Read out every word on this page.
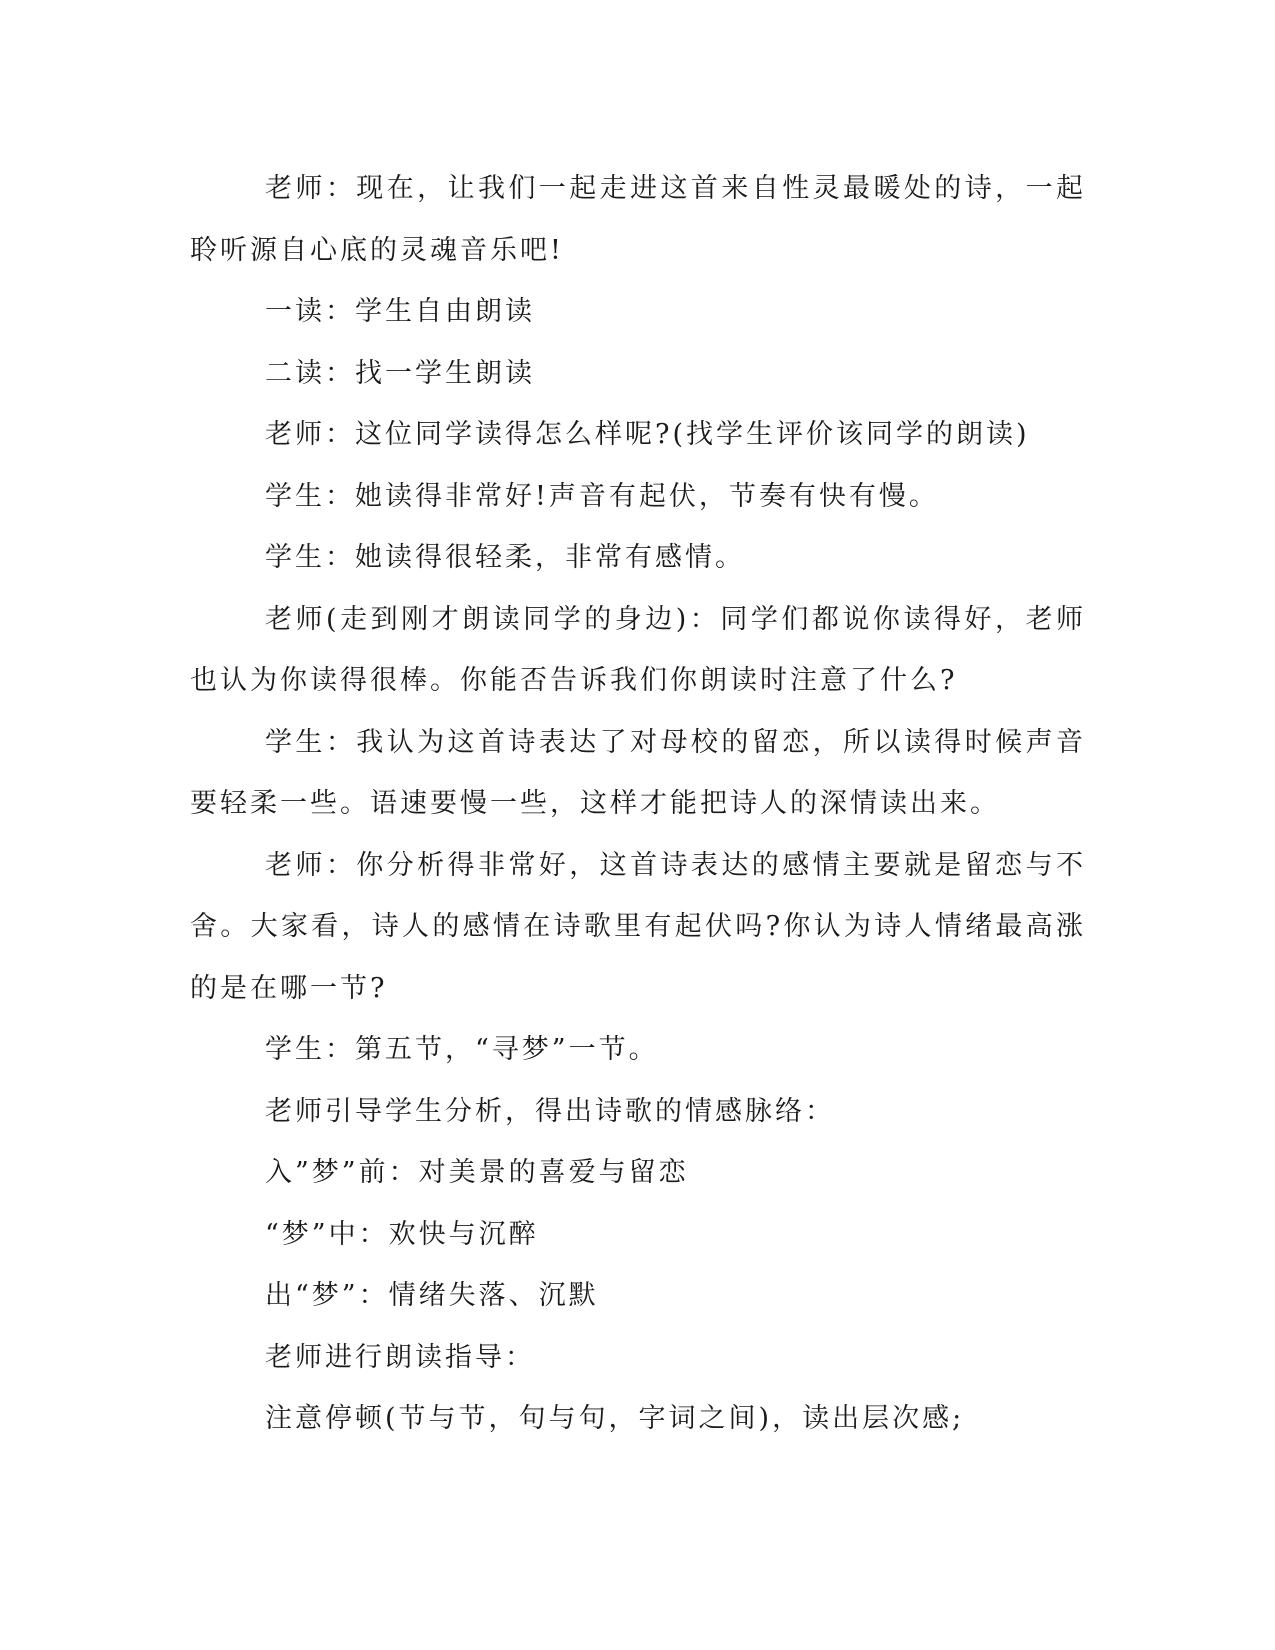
老师：现在，让我们一起走进这首来自性灵最暖处的诗，一起聆听源自心底的灵魂音乐吧!

一读：学生自由朗读

二读：找一学生朗读

老师：这位同学读得怎么样呢?(找学生评价该同学的朗读)

学生：她读得非常好!声音有起伏，节奏有快有慢。

学生：她读得很轻柔，非常有感情。

老师(走到刚才朗读同学的身边)：同学们都说你读得好，老师也认为你读得很棒。你能否告诉我们你朗读时注意了什么?

学生：我认为这首诗表达了对母校的留恋，所以读得时候声音要轻柔一些。语速要慢一些，这样才能把诗人的深情读出来。

老师：你分析得非常好，这首诗表达的感情主要就是留恋与不舍。大家看，诗人的感情在诗歌里有起伏吗?你认为诗人情绪最高涨的是在哪一节?

学生：第五节，“寻梦”一节。

老师引导学生分析，得出诗歌的情感脉络：

入”梦”前：对美景的喜爱与留恋

“梦”中：欢快与沉醉

出“梦”：情绪失落、沉默

老师进行朗读指导：

注意停顿(节与节，句与句，字词之间)，读出层次感;
